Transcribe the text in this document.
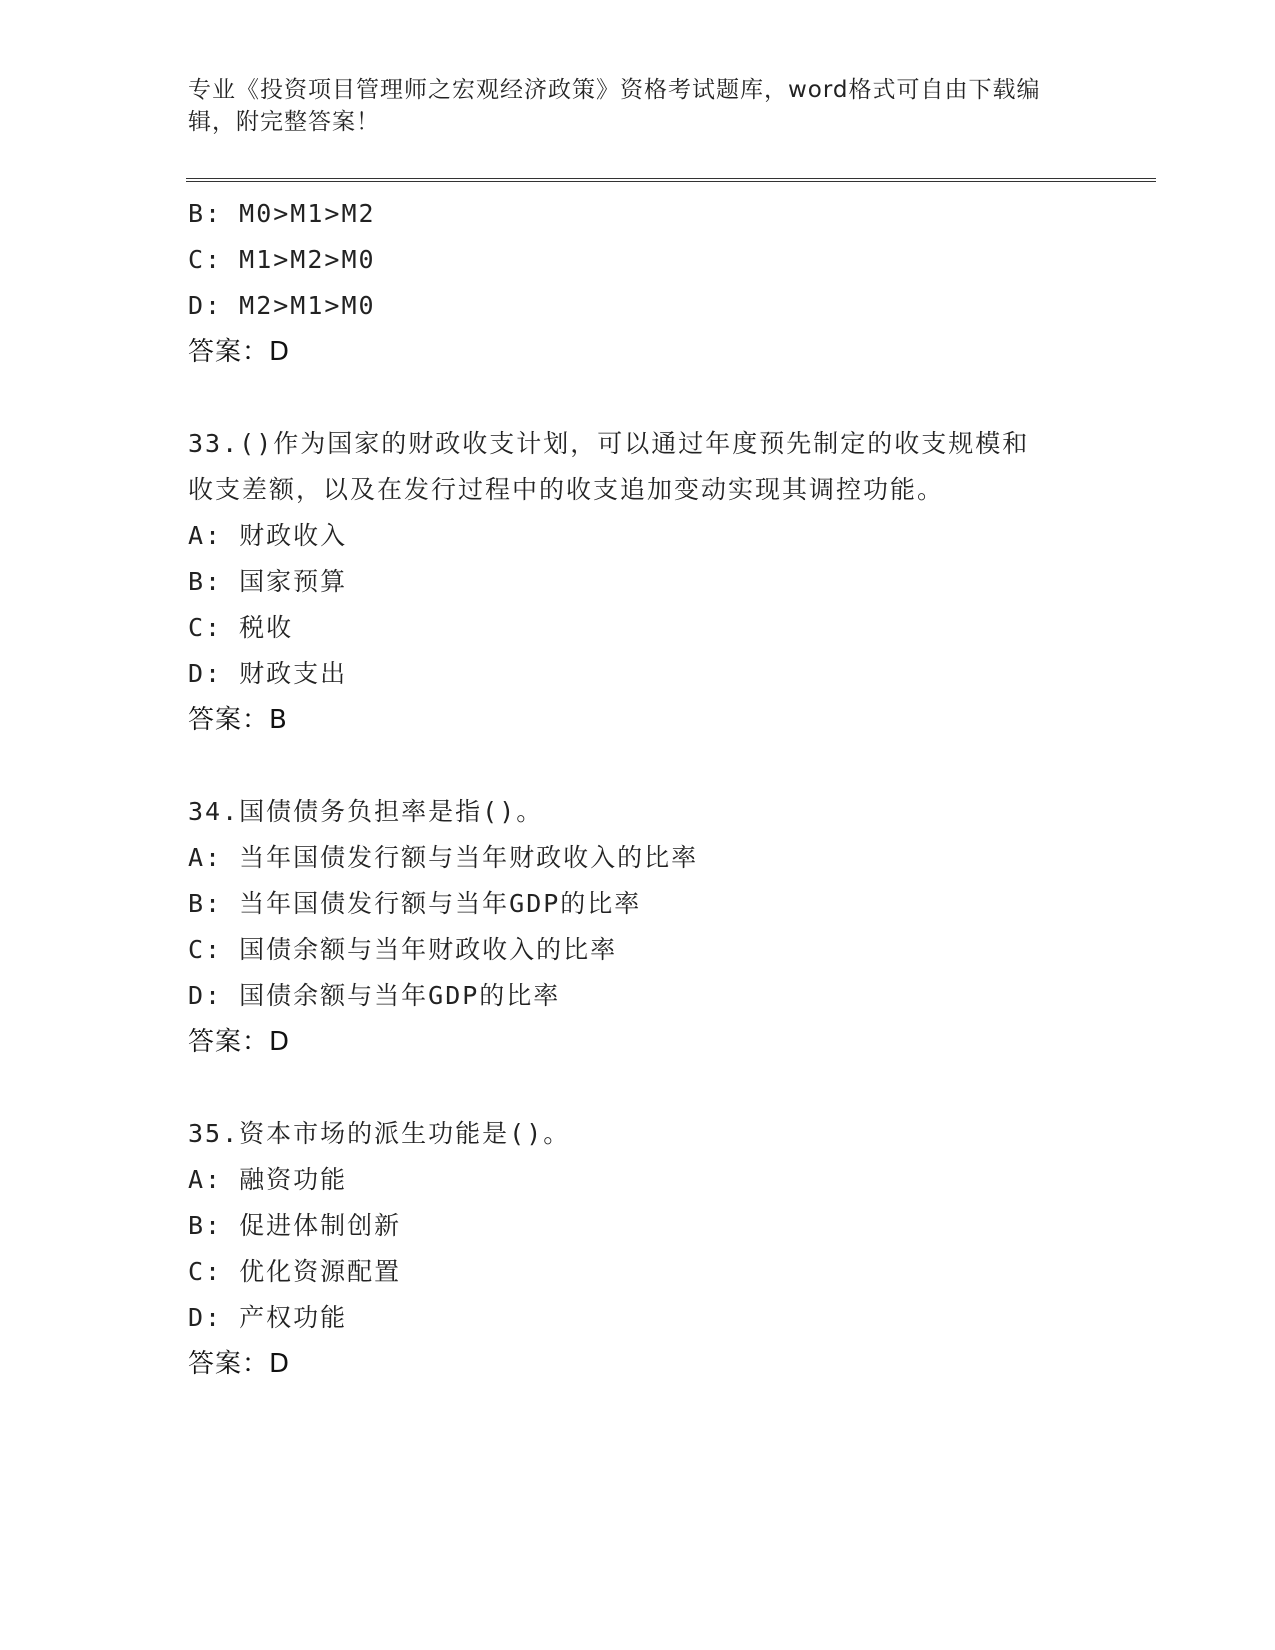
专业《投资项目管理师之宏观经济政策》资格考试题库，word格式可自由下载编
辑，附完整答案！
B: M0>M1>M2
C: M1>M2>M0
D: M2>M1>M0
答案：D
33.()作为国家的财政收支计划，可以通过年度预先制定的收支规模和
收支差额，以及在发行过程中的收支追加变动实现其调控功能。
A: 财政收入
B: 国家预算
C: 税收
D: 财政支出
答案：B
34.国债债务负担率是指()。
A: 当年国债发行额与当年财政收入的比率
B: 当年国债发行额与当年GDP的比率
C: 国债余额与当年财政收入的比率
D: 国债余额与当年GDP的比率
答案：D
35.资本市场的派生功能是()。
A: 融资功能
B: 促进体制创新
C: 优化资源配置
D: 产权功能
答案：D
